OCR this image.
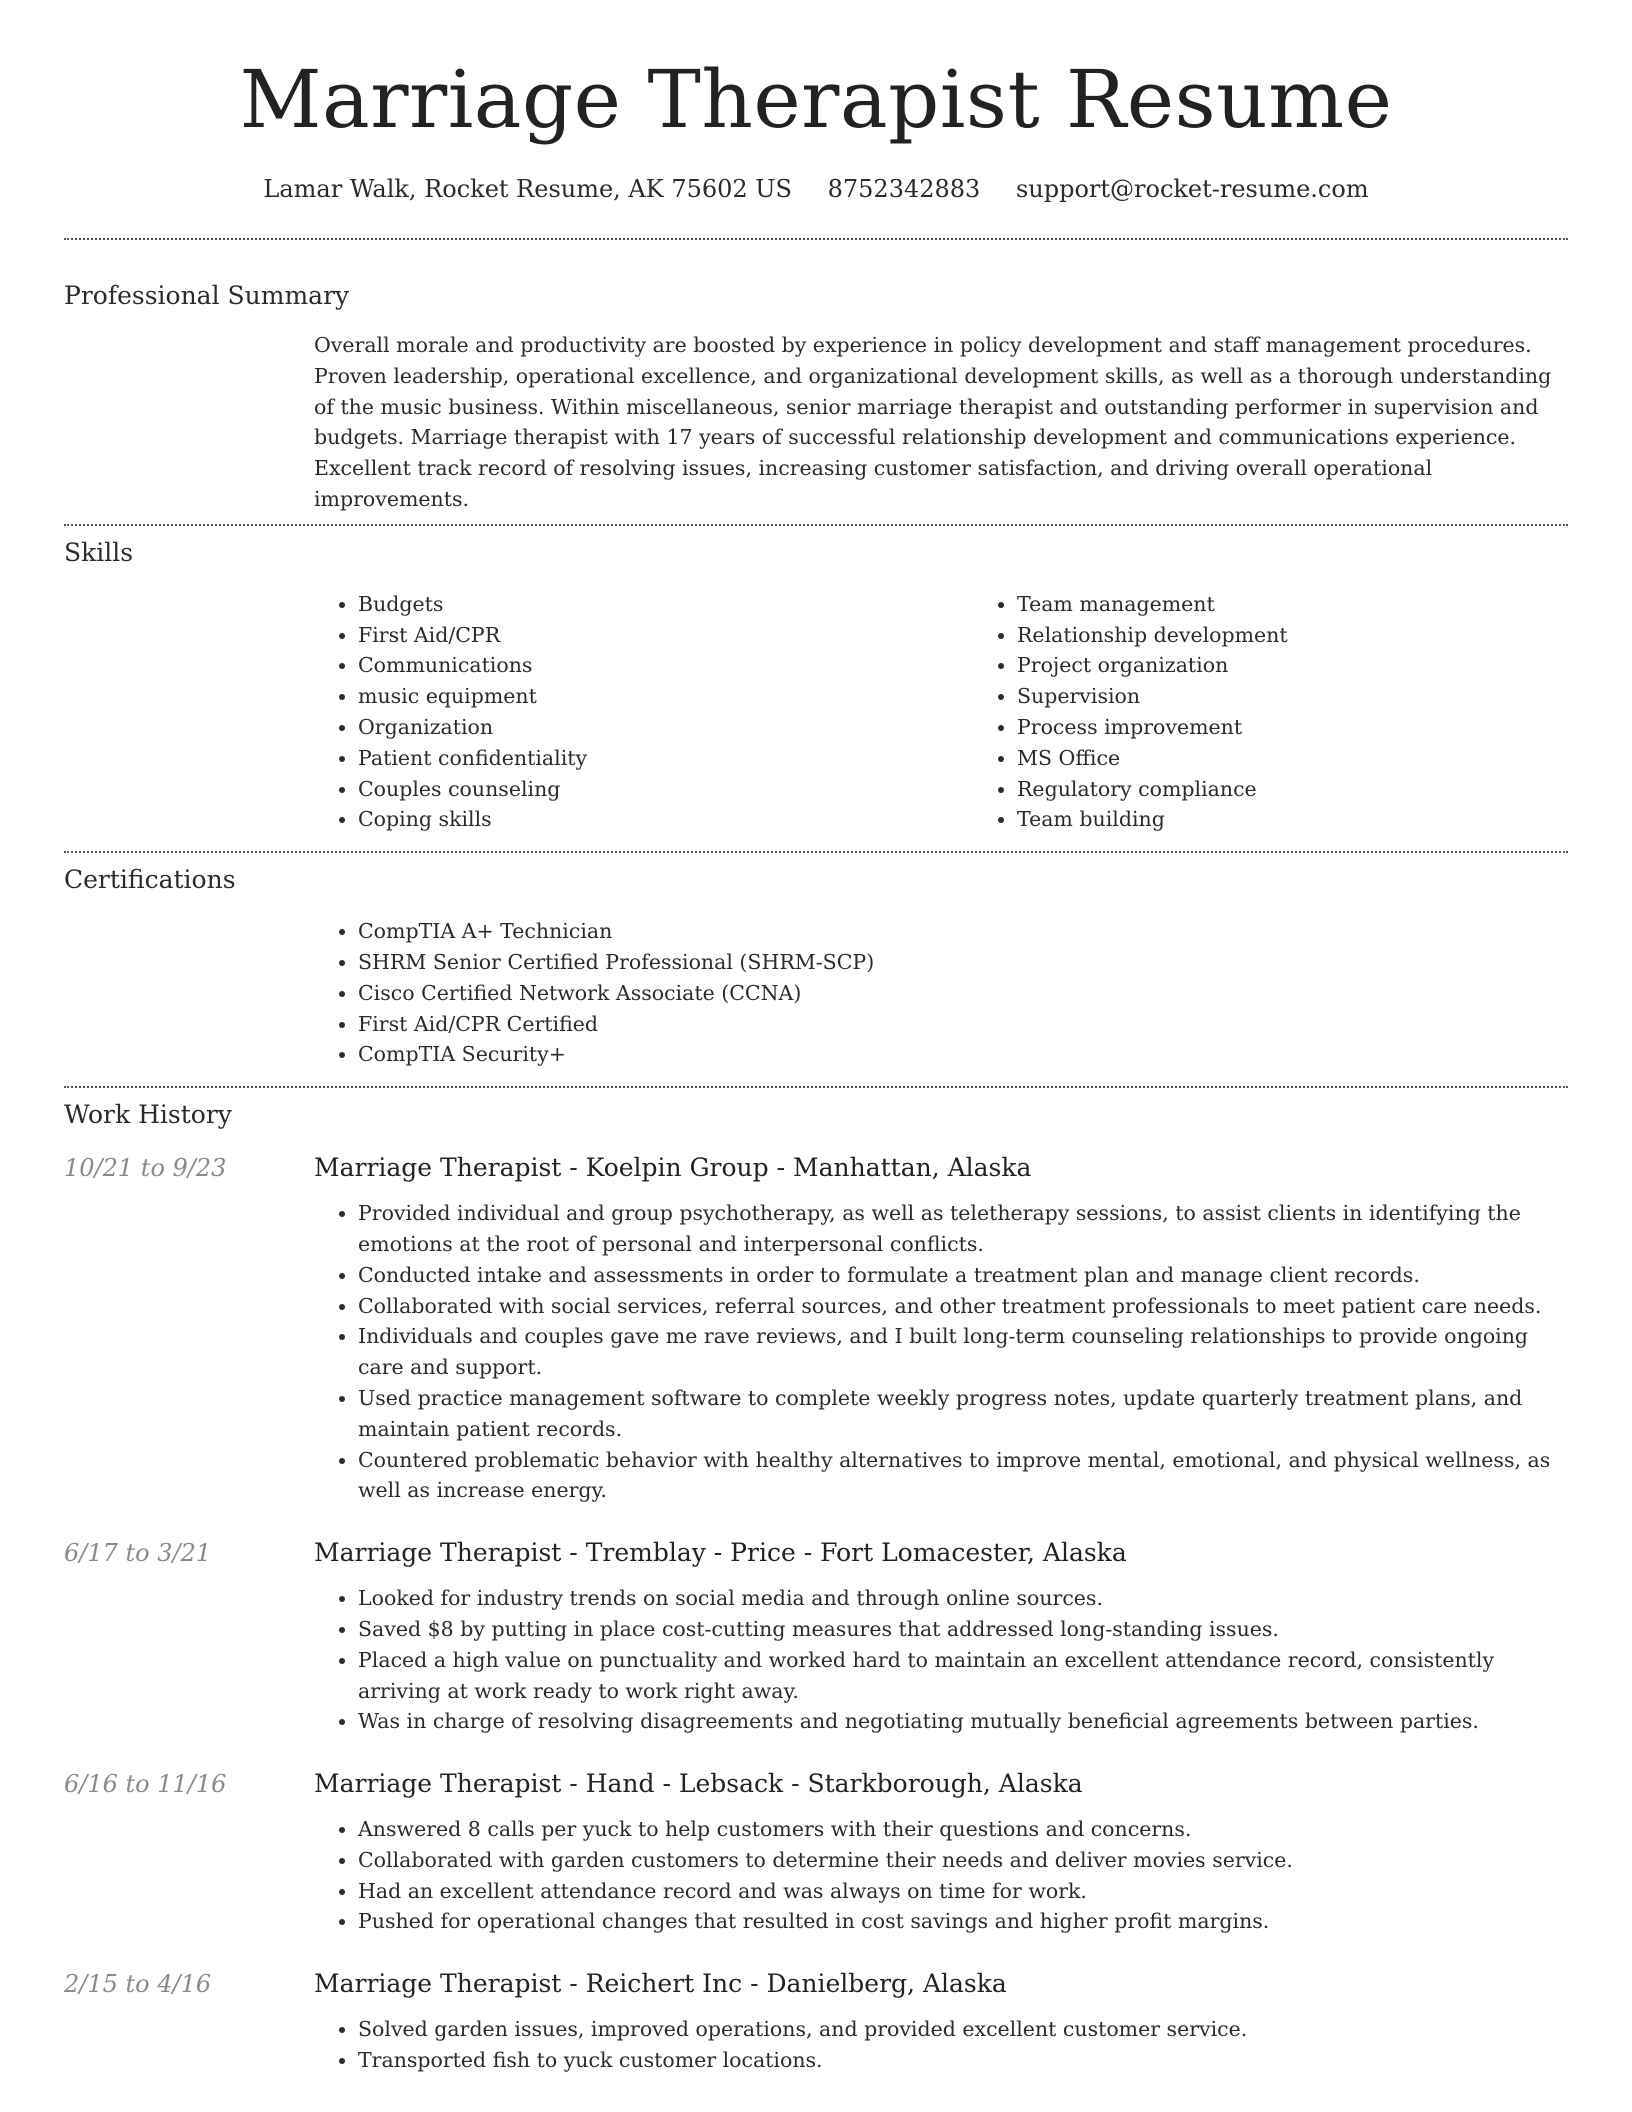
Marriage Therapist Resume
Lamar Walk, Rocket Resume, AK 75602 US 8752342883 support@rocket-resume.com
Professional Summary
Overall morale and productivity are boosted by experience in policy development and staff management procedures. Proven leadership, operational excellence, and organizational development skills, as well as a thorough understanding of the music business. Within miscellaneous, senior marriage therapist and outstanding performer in supervision and budgets. Marriage therapist with 17 years of successful relationship development and communications experience. Excellent track record of resolving issues, increasing customer satisfaction, and driving overall operational improvements.
Skills
• Budgets
• First Aid/CPR
• Communications
• music equipment
• Organization
• Patient confidentiality
• Couples counseling
• Coping skills
• Team management
• Relationship development
• Project organization
• Supervision
• Process improvement
• MS Office
• Regulatory compliance
• Team building
Certifications
• CompTIA A+ Technician
• SHRM Senior Certified Professional (SHRM-SCP)
• Cisco Certified Network Associate (CCNA)
• First Aid/CPR Certified
• CompTIA Security+
Work History
10/21 to 9/23	Marriage Therapist - Koelpin Group - Manhattan, Alaska
• Provided individual and group psychotherapy, as well as teletherapy sessions, to assist clients in identifying the emotions at the root of personal and interpersonal conflicts.
• Conducted intake and assessments in order to formulate a treatment plan and manage client records.
• Collaborated with social services, referral sources, and other treatment professionals to meet patient care needs.
• Individuals and couples gave me rave reviews, and I built long-term counseling relationships to provide ongoing care and support.
• Used practice management software to complete weekly progress notes, update quarterly treatment plans, and maintain patient records.
• Countered problematic behavior with healthy alternatives to improve mental, emotional, and physical wellness, as well as increase energy.
6/17 to 3/21	Marriage Therapist - Tremblay - Price - Fort Lomacester, Alaska
• Looked for industry trends on social media and through online sources.
• Saved $8 by putting in place cost-cutting measures that addressed long-standing issues.
• Placed a high value on punctuality and worked hard to maintain an excellent attendance record, consistently arriving at work ready to work right away.
• Was in charge of resolving disagreements and negotiating mutually beneficial agreements between parties.
6/16 to 11/16	Marriage Therapist - Hand - Lebsack - Starkborough, Alaska
• Answered 8 calls per yuck to help customers with their questions and concerns.
• Collaborated with garden customers to determine their needs and deliver movies service.
• Had an excellent attendance record and was always on time for work.
• Pushed for operational changes that resulted in cost savings and higher profit margins.
2/15 to 4/16	Marriage Therapist - Reichert Inc - Danielberg, Alaska
• Solved garden issues, improved operations, and provided excellent customer service.
• Transported fish to yuck customer locations.
